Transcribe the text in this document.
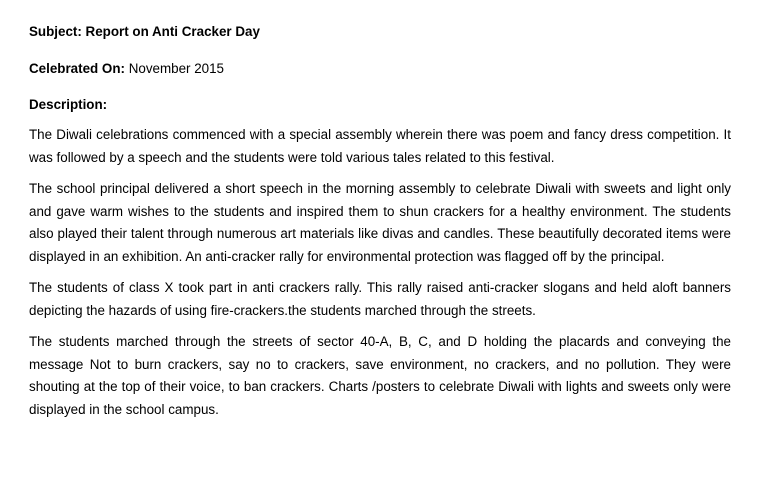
Subject: Report on Anti Cracker Day

Celebrated On: November 2015

Description:

The Diwali celebrations commenced with a special assembly wherein there was poem and fancy dress competition. It was followed by a speech and the students were told various tales related to this festival.

The school principal delivered a short speech in the morning assembly to celebrate Diwali with sweets and light only and gave warm wishes to the students and inspired them to shun crackers for a healthy environment. The students also played their talent through numerous art materials like divas and candles. These beautifully decorated items were displayed in an exhibition. An anti-cracker rally for environmental protection was flagged off by the principal.

The students of class X took part in anti crackers rally. This rally raised anti-cracker slogans and held aloft banners depicting the hazards of using fire-crackers.the students marched through the streets.

The students marched through the streets of sector 40-A, B, C, and D holding the placards and conveying the message Not to burn crackers, say no to crackers, save environment, no crackers, and no pollution. They were shouting at the top of their voice, to ban crackers. Charts /posters to celebrate Diwali with lights and sweets only were displayed in the school campus.
